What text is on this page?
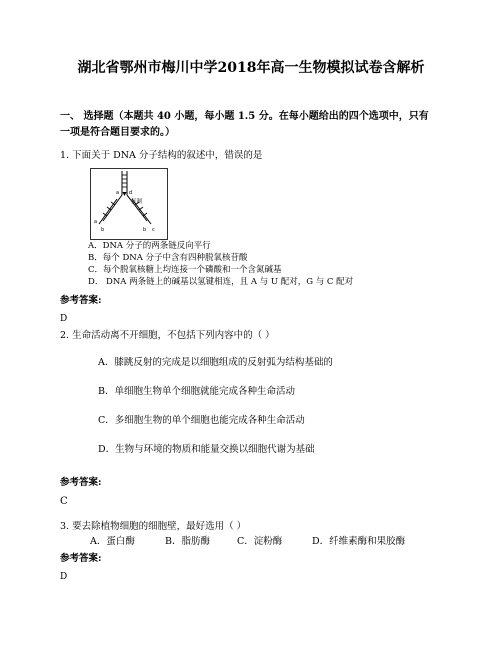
湖北省鄂州市梅川中学2018年高一生物模拟试卷含解析
一、 选择题（本题共 40 小题，每小题 1.5 分。在每小题给出的四个选项中，只有
一项是符合题目要求的。）
1. 下面关于 DNA 分子结构的叙述中，错误的是
a d
复制
a
b	b c
A．DNA 分子的两条链反向平行
B．每个 DNA 分子中含有四种脱氧核苷酸
C．每个脱氧核糖上均连接一个磷酸和一个含氮碱基
D． DNA 两条链上的碱基以氢键相连，且 A 与 U 配对，G 与 C 配对
参考答案:
D
2. 生命活动离不开细胞，不包括下列内容中的（ ）
A．膝跳反射的完成是以细胞组成的反射弧为结构基础的
B．单细胞生物单个细胞就能完成各种生命活动
C．多细胞生物的单个细胞也能完成各种生命活动
D．生物与环境的物质和能量交换以细胞代谢为基础
参考答案:
C
3. 要去除植物细胞的细胞壁，最好选用（ ）
A．蛋白酶	B．脂肪酶	C．淀粉酶	D．纤维素酶和果胶酶
参考答案:
D
